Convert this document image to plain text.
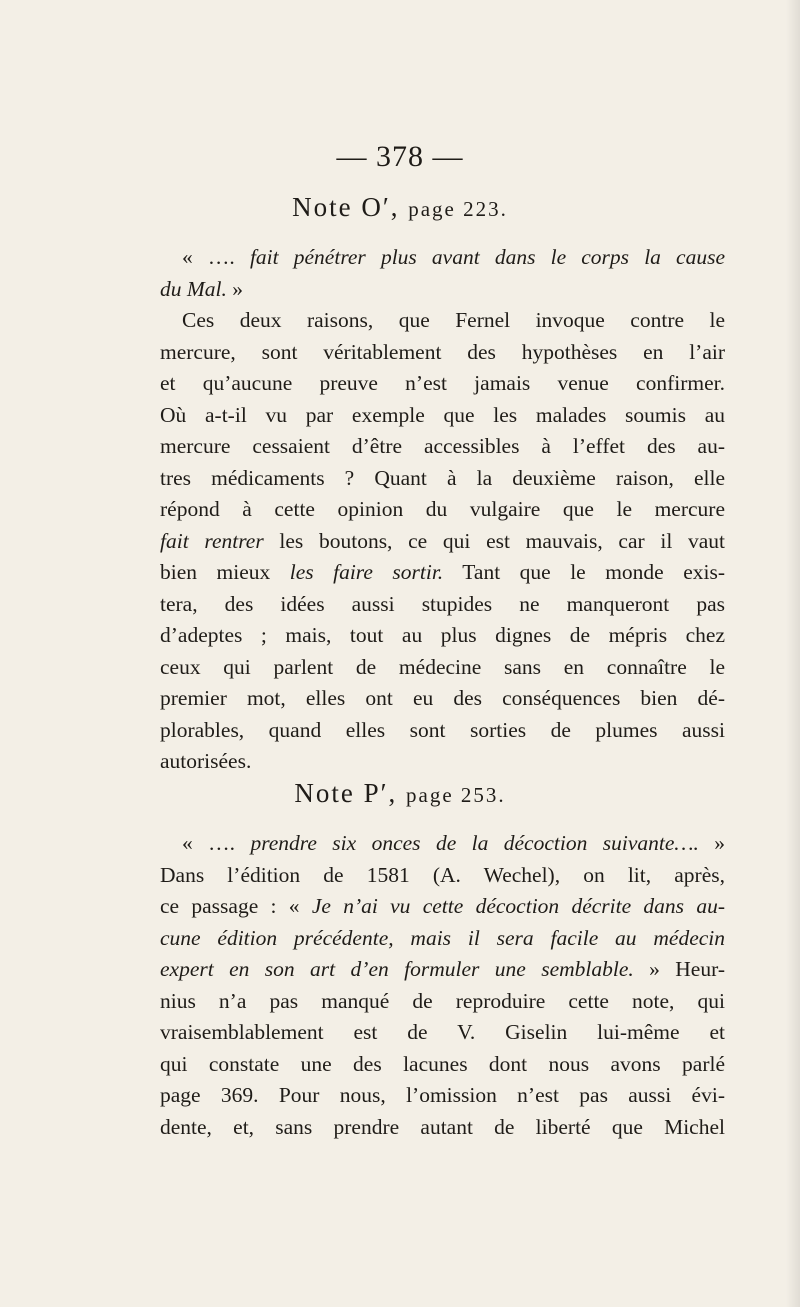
— 378 —
Note O′, page 223.
« …. fait pénétrer plus avant dans le corps la cause
du Mal. »
Ces deux raisons, que Fernel invoque contre le
mercure, sont véritablement des hypothèses en l’air
et qu’aucune preuve n’est jamais venue confirmer.
Où a-t-il vu par exemple que les malades soumis au
mercure cessaient d’être accessibles à l’effet des au-
tres médicaments ? Quant à la deuxième raison, elle
répond à cette opinion du vulgaire que le mercure
fait rentrer les boutons, ce qui est mauvais, car il vaut
bien mieux les faire sortir. Tant que le monde exis-
tera, des idées aussi stupides ne manqueront pas
d’adeptes ; mais, tout au plus dignes de mépris chez
ceux qui parlent de médecine sans en connaître le
premier mot, elles ont eu des conséquences bien dé-
plorables, quand elles sont sorties de plumes aussi
autorisées.
Note P′, page 253.
« …. prendre six onces de la décoction suivante…. »
Dans l’édition de 1581 (A. Wechel), on lit, après,
ce passage : « Je n’ai vu cette décoction décrite dans au-
cune édition précédente, mais il sera facile au médecin
expert en son art d’en formuler une semblable. » Heur-
nius n’a pas manqué de reproduire cette note, qui
vraisemblablement est de V. Giselin lui-même et
qui constate une des lacunes dont nous avons parlé
page 369. Pour nous, l’omission n’est pas aussi évi-
dente, et, sans prendre autant de liberté que Michel
